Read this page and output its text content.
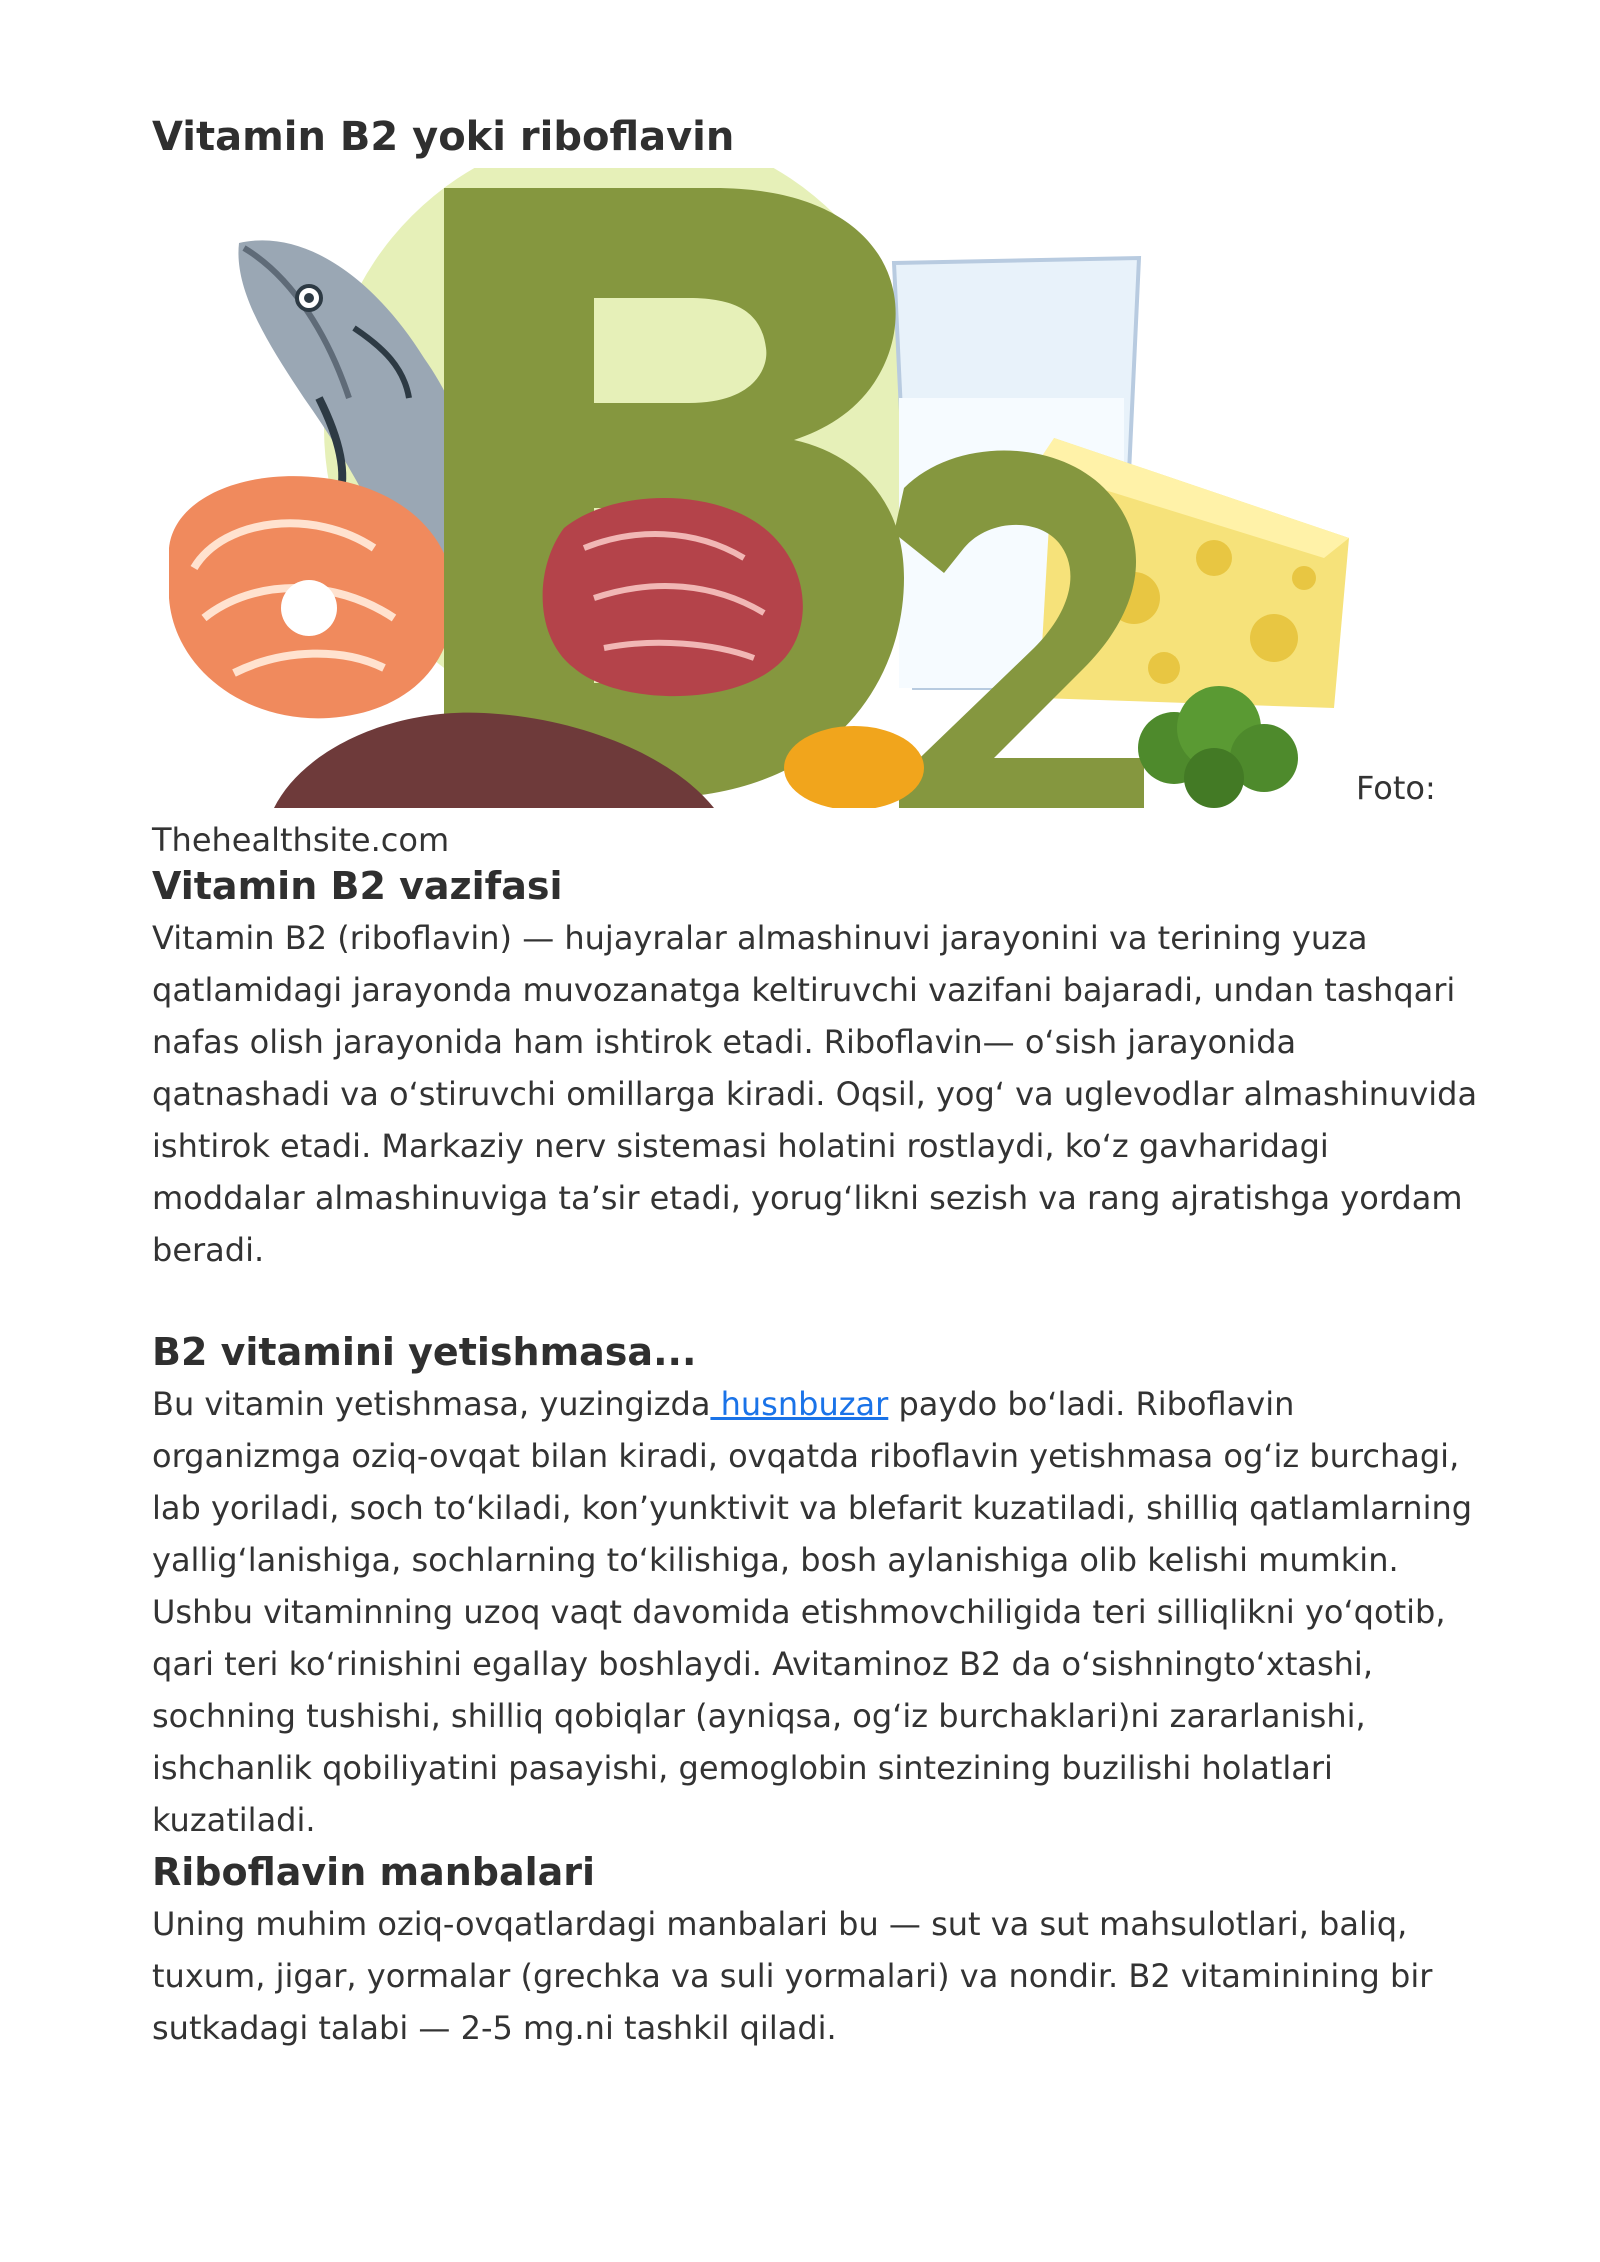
Vitamin B2 yoki riboflavin
Foto:
Thehealthsite.com
Vitamin B2 vazifasi

Vitamin B2 (riboflavin) — hujayralar almashinuvi jarayonini va terining yuza qatlamidagi jarayonda muvozanatga keltiruvchi vazifani bajaradi, undan tashqari nafas olish jarayonida ham ishtirok etadi. Riboflavin— oʻsish jarayonida qatnashadi va oʻstiruvchi omillarga kiradi. Oqsil, yogʻ va uglevodlar almashinuvida ishtirok etadi. Markaziy nerv sistemasi holatini rostlaydi, koʻz gavharidagi moddalar almashinuviga taʼsir etadi, yorugʻlikni sezish va rang ajratishga yordam beradi.

B2 vitamini yetishmasa...

Bu vitamin yetishmasa, yuzingizda husnbuzar paydo boʻladi. Riboflavin organizmga oziq-ovqat bilan kiradi, ovqatda riboflavin yetishmasa ogʻiz burchagi, lab yoriladi, soch toʻkiladi, konʼyunktivit va blefarit kuzatiladi, shilliq qatlamlarning yalligʻlanishiga, sochlarning toʻkilishiga, bosh aylanishiga olib kelishi mumkin. Ushbu vitaminning uzoq vaqt davomida etishmovchiligida teri silliqlikni yoʻqotib, qari teri koʻrinishini egallay boshlaydi. Avitaminoz B2 da oʻsishningtoʻxtashi, sochning tushishi, shilliq qobiqlar (ayniqsa, ogʻiz burchaklari)ni zararlanishi, ishchanlik qobiliyatini pasayishi, gemoglobin sintezining buzilishi holatlari kuzatiladi.

Riboflavin manbalari

Uning muhim oziq-ovqatlardagi manbalari bu — sut va sut mahsulotlari, baliq, tuxum, jigar, yormalar (grechka va suli yormalari) va nondir. B2 vitaminining bir sutkadagi talabi — 2-5 mg.ni tashkil qiladi.
